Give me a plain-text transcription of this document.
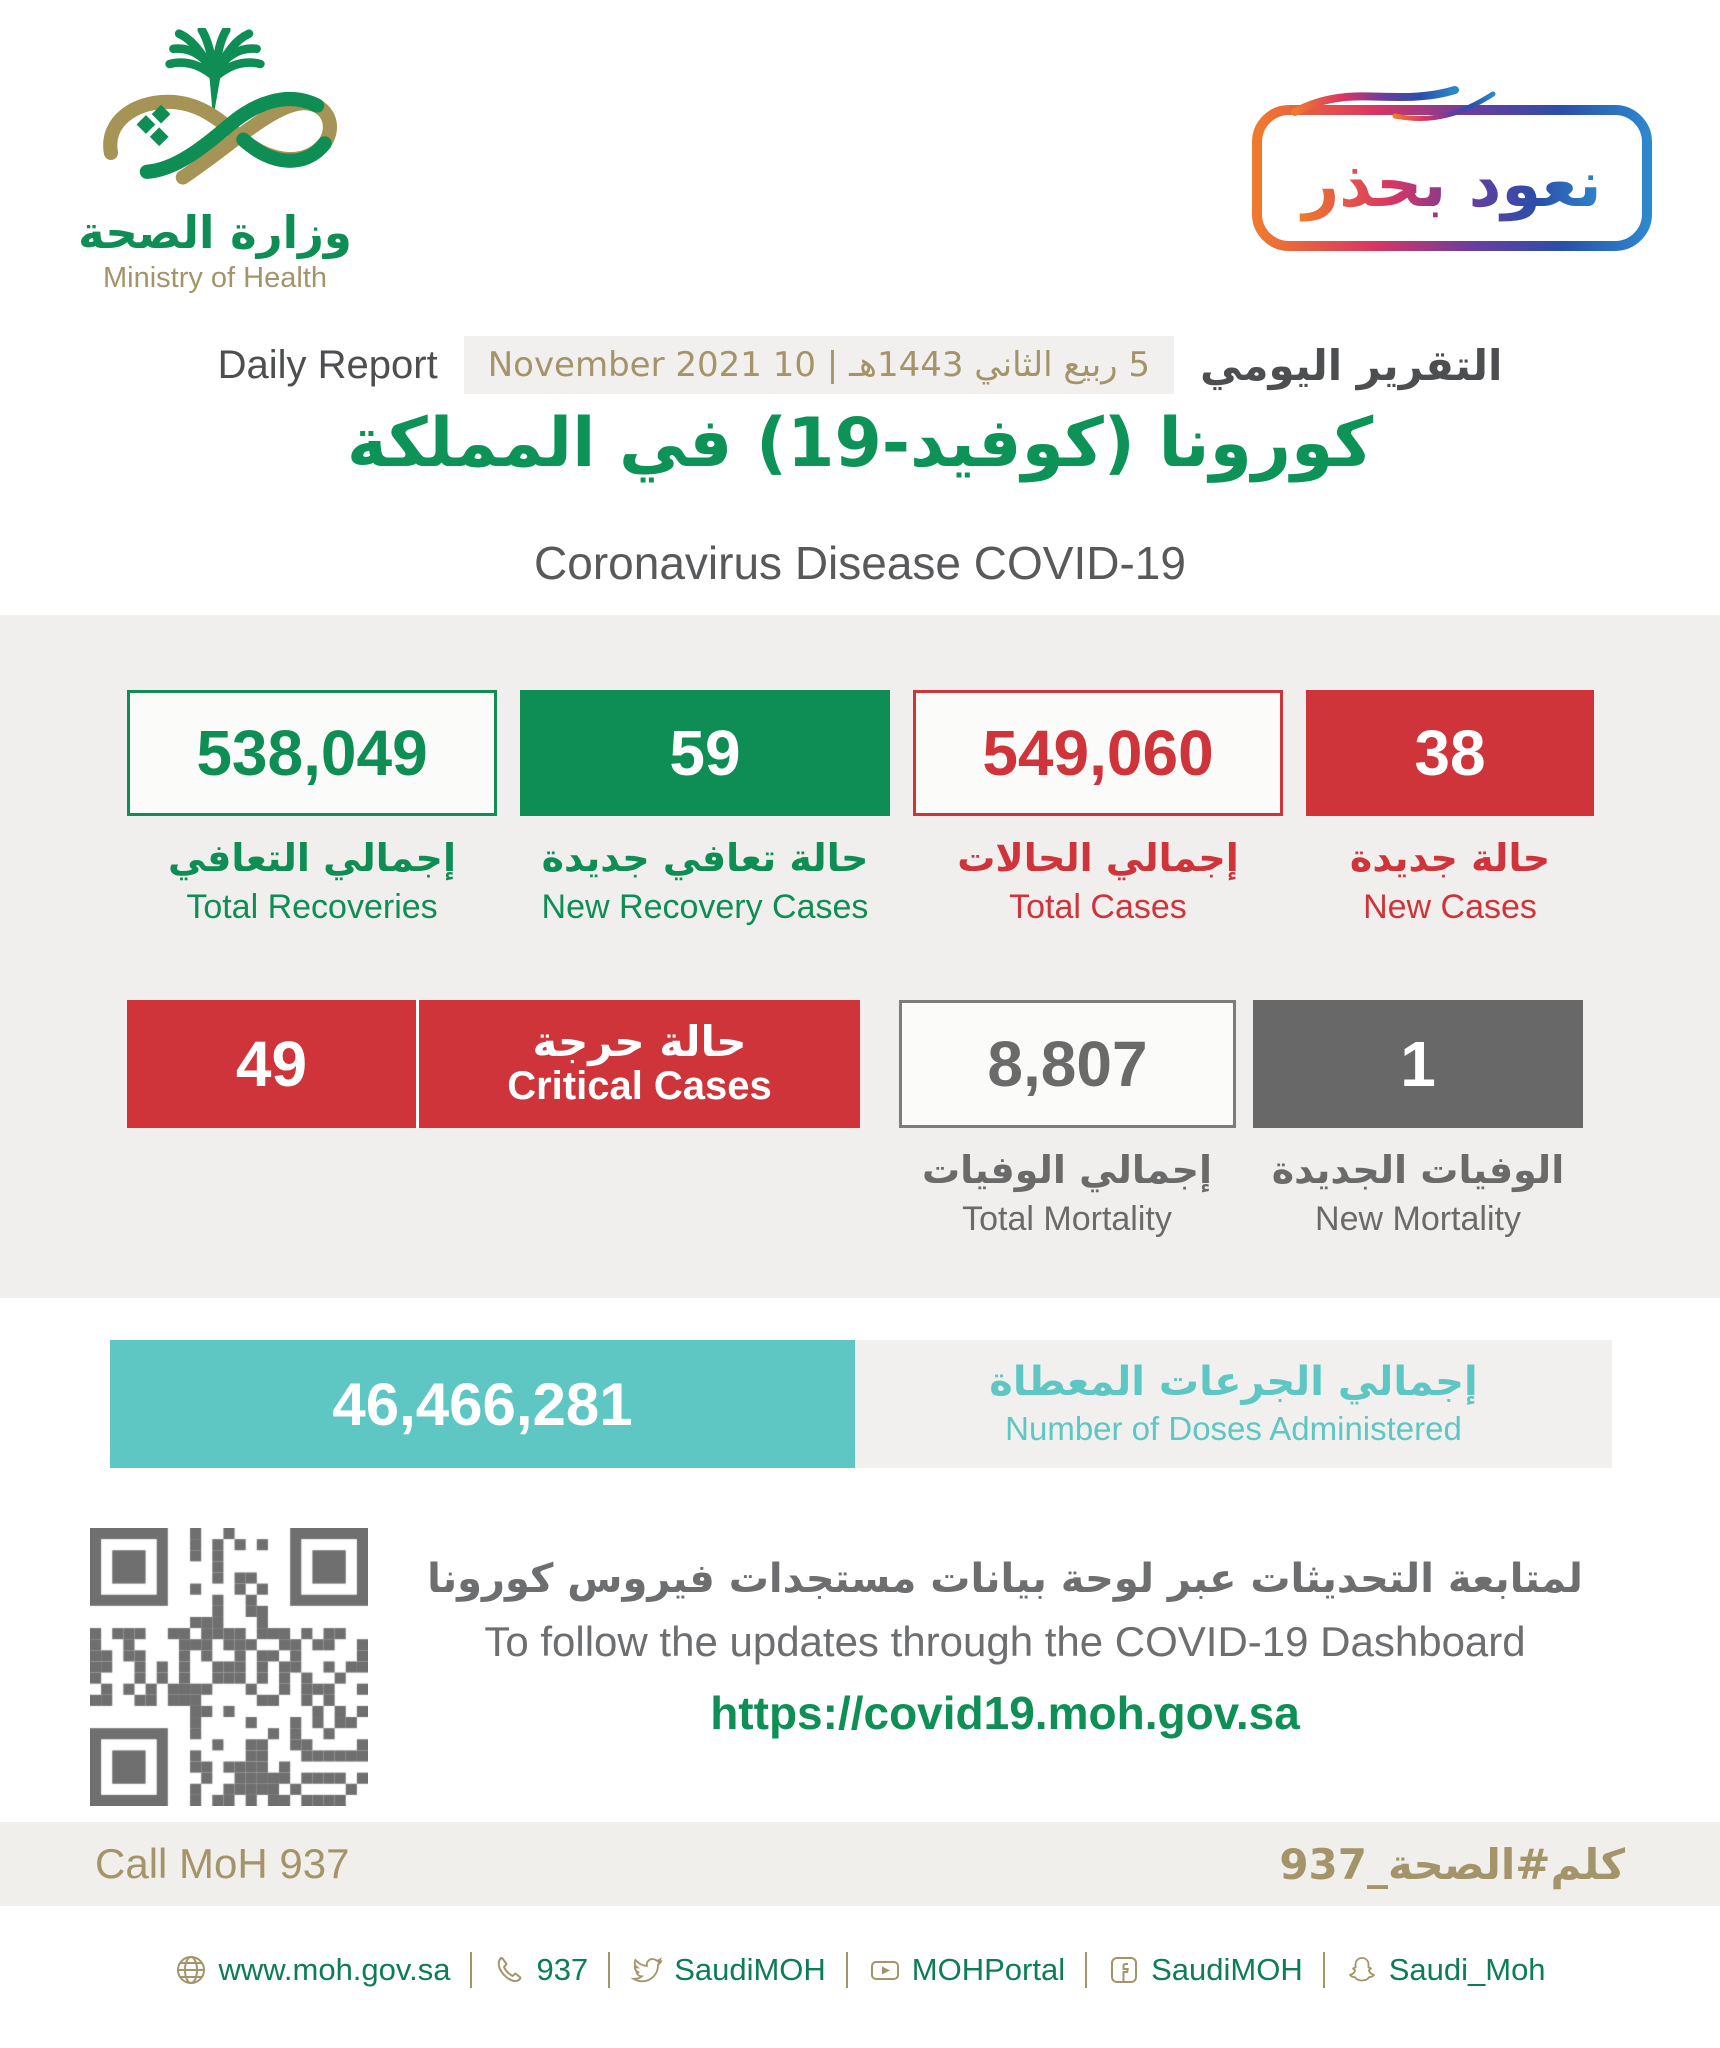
وزارة الصحة
Ministry of Health
نعود بحذر
Daily Report	5 ربيع الثاني 1443هـ | 10 November 2021	التقرير اليومي
كورونا (كوفيد-19) في المملكة
Coronavirus Disease COVID-19
538,049	59	549,060	38
إجمالي التعافي
Total Recoveries
حالة تعافي جديدة
New Recovery Cases
إجمالي الحالات
Total Cases
حالة جديدة
New Cases
49	حالة حرجة
Critical Cases	8,807	1
إجمالي الوفيات
Total Mortality
الوفيات الجديدة
New Mortality
46,466,281	إجمالي الجرعات المعطاة
Number of Doses Administered
لمتابعة التحديثات عبر لوحة بيانات مستجدات فيروس كورونا
To follow the updates through the COVID-19 Dashboard
https://covid19.moh.gov.sa
Call MoH 937	كلم#الصحة_937
www.moh.gov.sa	937	SaudiMOH	MOHPortal	SaudiMOH	Saudi_Moh
